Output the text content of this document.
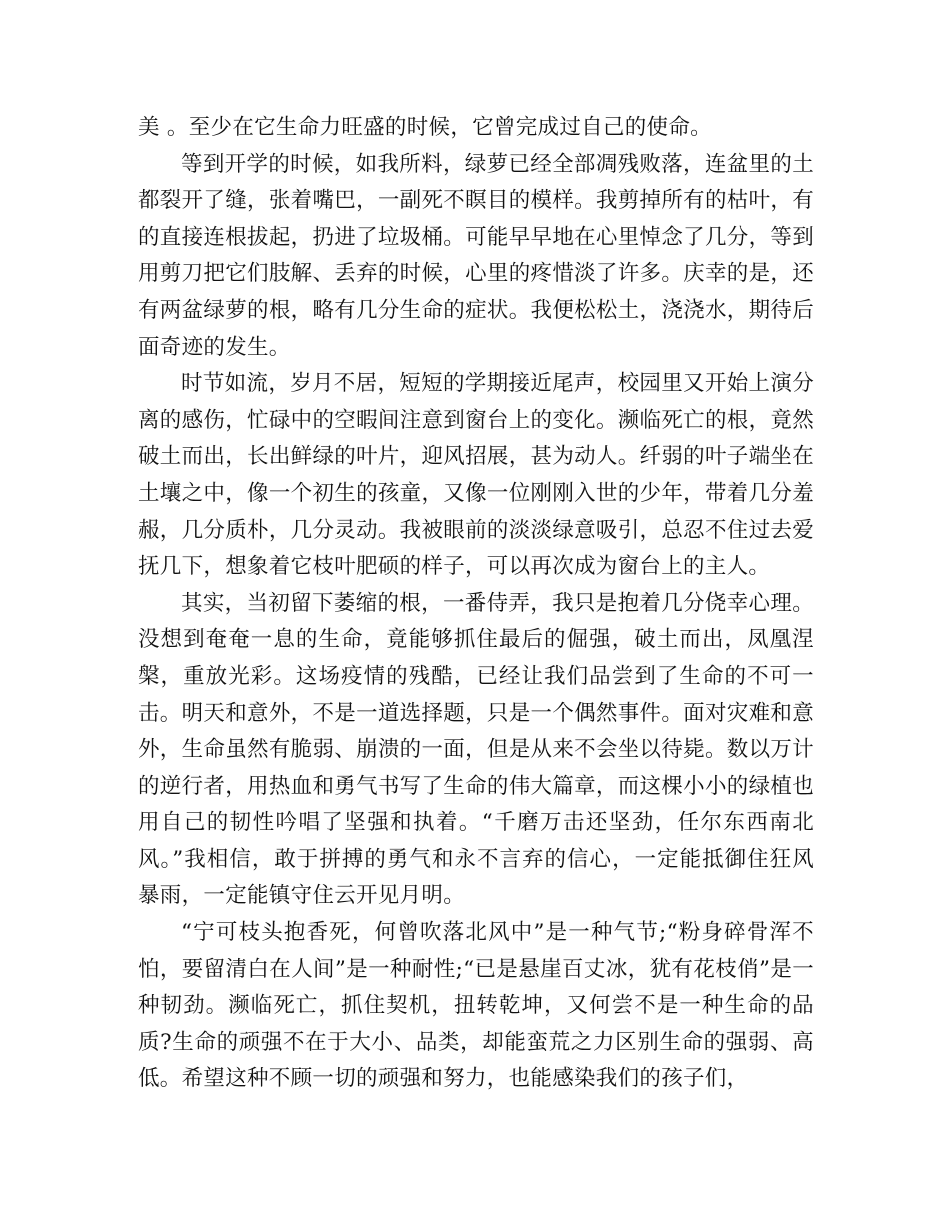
美 。至少在它生命力旺盛的时候，它曾完成过自己的使命。

等到开学的时候，如我所料，绿萝已经全部凋残败落，连盆里的土都裂开了缝，张着嘴巴，一副死不瞑目的模样。我剪掉所有的枯叶，有的直接连根拔起，扔进了垃圾桶。可能早早地在心里悼念了几分，等到用剪刀把它们肢解、丢弃的时候，心里的疼惜淡了许多。庆幸的是，还有两盆绿萝的根，略有几分生命的症状。我便松松土，浇浇水，期待后面奇迹的发生。

时节如流，岁月不居，短短的学期接近尾声，校园里又开始上演分离的感伤，忙碌中的空暇间注意到窗台上的变化。濒临死亡的根，竟然破土而出，长出鲜绿的叶片，迎风招展，甚为动人。纤弱的叶子端坐在土壤之中，像一个初生的孩童，又像一位刚刚入世的少年，带着几分羞赧，几分质朴，几分灵动。我被眼前的淡淡绿意吸引，总忍不住过去爱抚几下，想象着它枝叶肥硕的样子，可以再次成为窗台上的主人。

其实，当初留下萎缩的根，一番侍弄，我只是抱着几分侥幸心理。没想到奄奄一息的生命，竟能够抓住最后的倔强，破土而出，凤凰涅槃，重放光彩。这场疫情的残酷，已经让我们品尝到了生命的不可一击。明天和意外，不是一道选择题，只是一个偶然事件。面对灾难和意外，生命虽然有脆弱、崩溃的一面，但是从来不会坐以待毙。数以万计的逆行者，用热血和勇气书写了生命的伟大篇章，而这棵小小的绿植也用自己的韧性吟唱了坚强和执着。“千磨万击还坚劲，任尔东西南北风。”我相信，敢于拼搏的勇气和永不言弃的信心，一定能抵御住狂风暴雨，一定能镇守住云开见月明。

“宁可枝头抱香死，何曾吹落北风中”是一种气节;“粉身碎骨浑不怕，要留清白在人间”是一种耐性;“已是悬崖百丈冰，犹有花枝俏”是一种韧劲。濒临死亡，抓住契机，扭转乾坤，又何尝不是一种生命的品质?生命的顽强不在于大小、品类，却能蛮荒之力区别生命的强弱、高低。希望这种不顾一切的顽强和努力，也能感染我们的孩子们，
